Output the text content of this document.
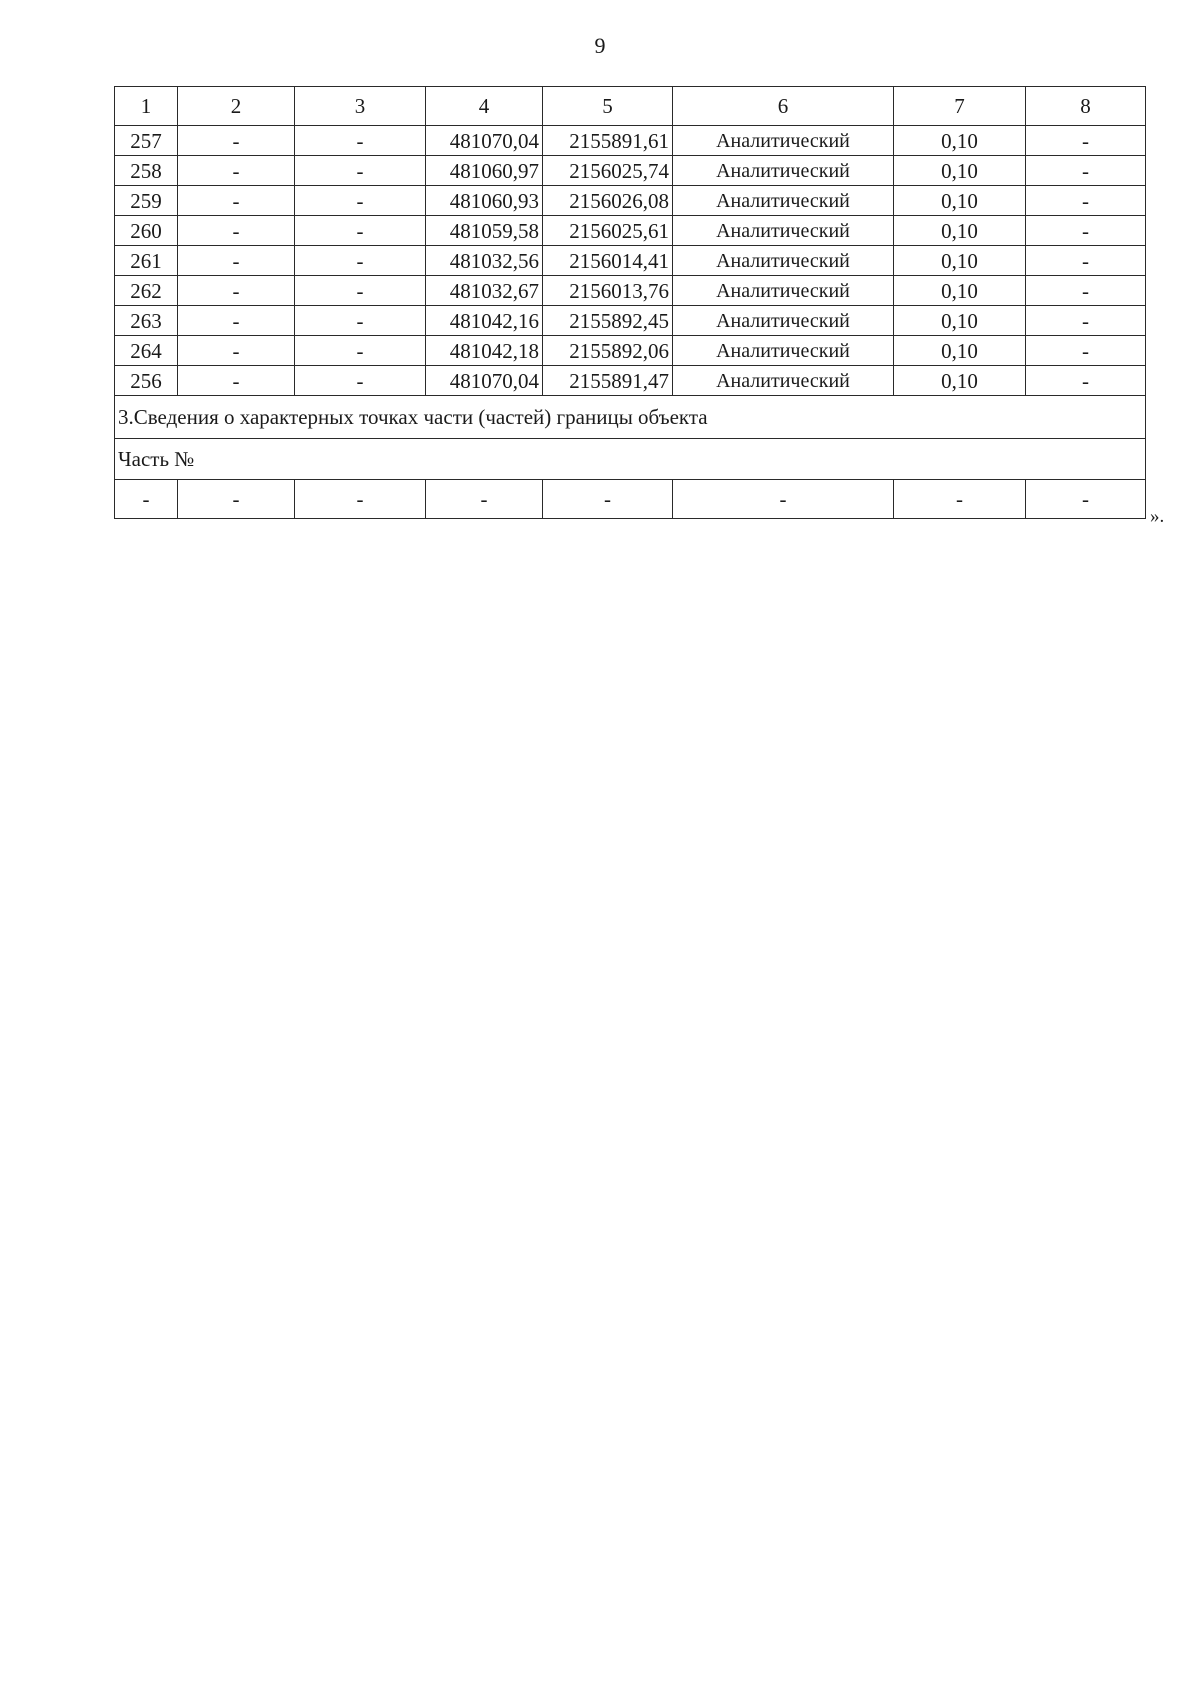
9
1	2	3	4	5	6	7	8
257	-	-	481070,04	2155891,61	Аналитический	0,10	-
258	-	-	481060,97	2156025,74	Аналитический	0,10	-
259	-	-	481060,93	2156026,08	Аналитический	0,10	-
260	-	-	481059,58	2156025,61	Аналитический	0,10	-
261	-	-	481032,56	2156014,41	Аналитический	0,10	-
262	-	-	481032,67	2156013,76	Аналитический	0,10	-
263	-	-	481042,16	2155892,45	Аналитический	0,10	-
264	-	-	481042,18	2155892,06	Аналитический	0,10	-
256	-	-	481070,04	2155891,47	Аналитический	0,10	-
3.Сведения о характерных точках части (частей) границы объекта							
Часть №							
-	-	-	-	-	-	-	-
».
